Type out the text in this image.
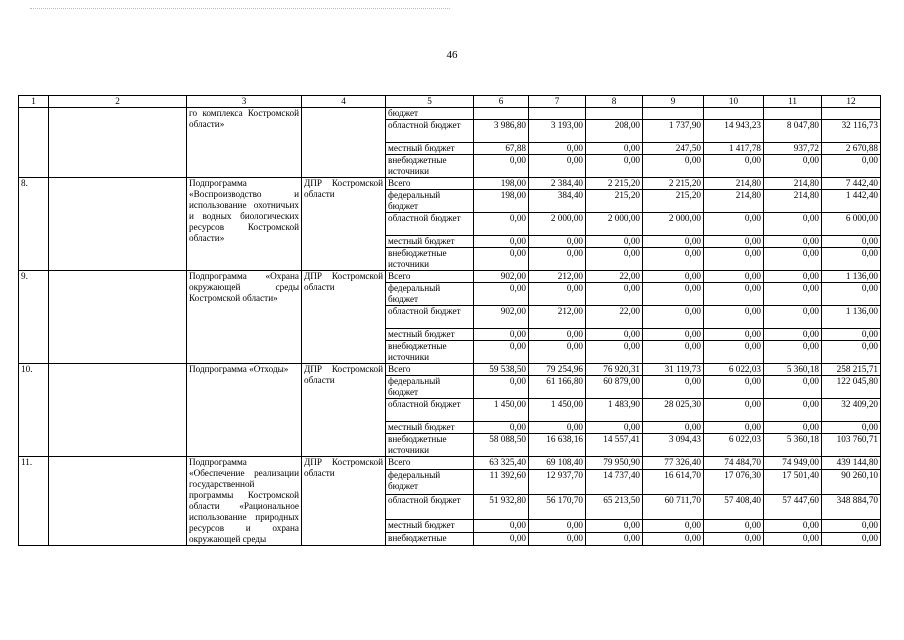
46
1	2	3	4	5	6	7	8	9	10	11	12
		го комплекса Костромской области»		бюджет							
				областной бюджет	3 986,80	3 193,00	208,00	1 737,90	14 943,23	8 047,80	32 116,73
				местный бюджет	67,88	0,00	0,00	247,50	1 417,78	937,72	2 670,88
				внебюджетные источники	0,00	0,00	0,00	0,00	0,00	0,00	0,00
8.		Подпрограмма «Воспроизводство и использование охотничьих и водных биологических ресурсов Костромской области»	ДПР Костромской области	Всего	198,00	2 384,40	2 215,20	2 215,20	214,80	214,80	7 442,40
				федеральный бюджет	198,00	384,40	215,20	215,20	214,80	214,80	1 442,40
				областной бюджет	0,00	2 000,00	2 000,00	2 000,00	0,00	0,00	6 000,00
				местный бюджет	0,00	0,00	0,00	0,00	0,00	0,00	0,00
				внебюджетные источники	0,00	0,00	0,00	0,00	0,00	0,00	0,00
9.		Подпрограмма «Охрана окружающей среды Костромской области»	ДПР Костромской области	Всего	902,00	212,00	22,00	0,00	0,00	0,00	1 136,00
				федеральный бюджет	0,00	0,00	0,00	0,00	0,00	0,00	0,00
				областной бюджет	902,00	212,00	22,00	0,00	0,00	0,00	1 136,00
				местный бюджет	0,00	0,00	0,00	0,00	0,00	0,00	0,00
				внебюджетные источники	0,00	0,00	0,00	0,00	0,00	0,00	0,00
10.		Подпрограмма «Отходы»	ДПР Костромской области	Всего	59 538,50	79 254,96	76 920,31	31 119,73	6 022,03	5 360,18	258 215,71
				федеральный бюджет	0,00	61 166,80	60 879,00	0,00	0,00	0,00	122 045,80
				областной бюджет	1 450,00	1 450,00	1 483,90	28 025,30	0,00	0,00	32 409,20
				местный бюджет	0,00	0,00	0,00	0,00	0,00	0,00	0,00
				внебюджетные источники	58 088,50	16 638,16	14 557,41	3 094,43	6 022,03	5 360,18	103 760,71
11.		Подпрограмма «Обеспечение реализации государственной программы Костромской области «Рациональное использование природных ресурсов и охрана окружающей среды	ДПР Костромской области	Всего	63 325,40	69 108,40	79 950,90	77 326,40	74 484,70	74 949,00	439 144,80
				федеральный бюджет	11 392,60	12 937,70	14 737,40	16 614,70	17 076,30	17 501,40	90 260,10
				областной бюджет	51 932,80	56 170,70	65 213,50	60 711,70	57 408,40	57 447,60	348 884,70
				местный бюджет	0,00	0,00	0,00	0,00	0,00	0,00	0,00
				внебюджетные	0,00	0,00	0,00	0,00	0,00	0,00	0,00
